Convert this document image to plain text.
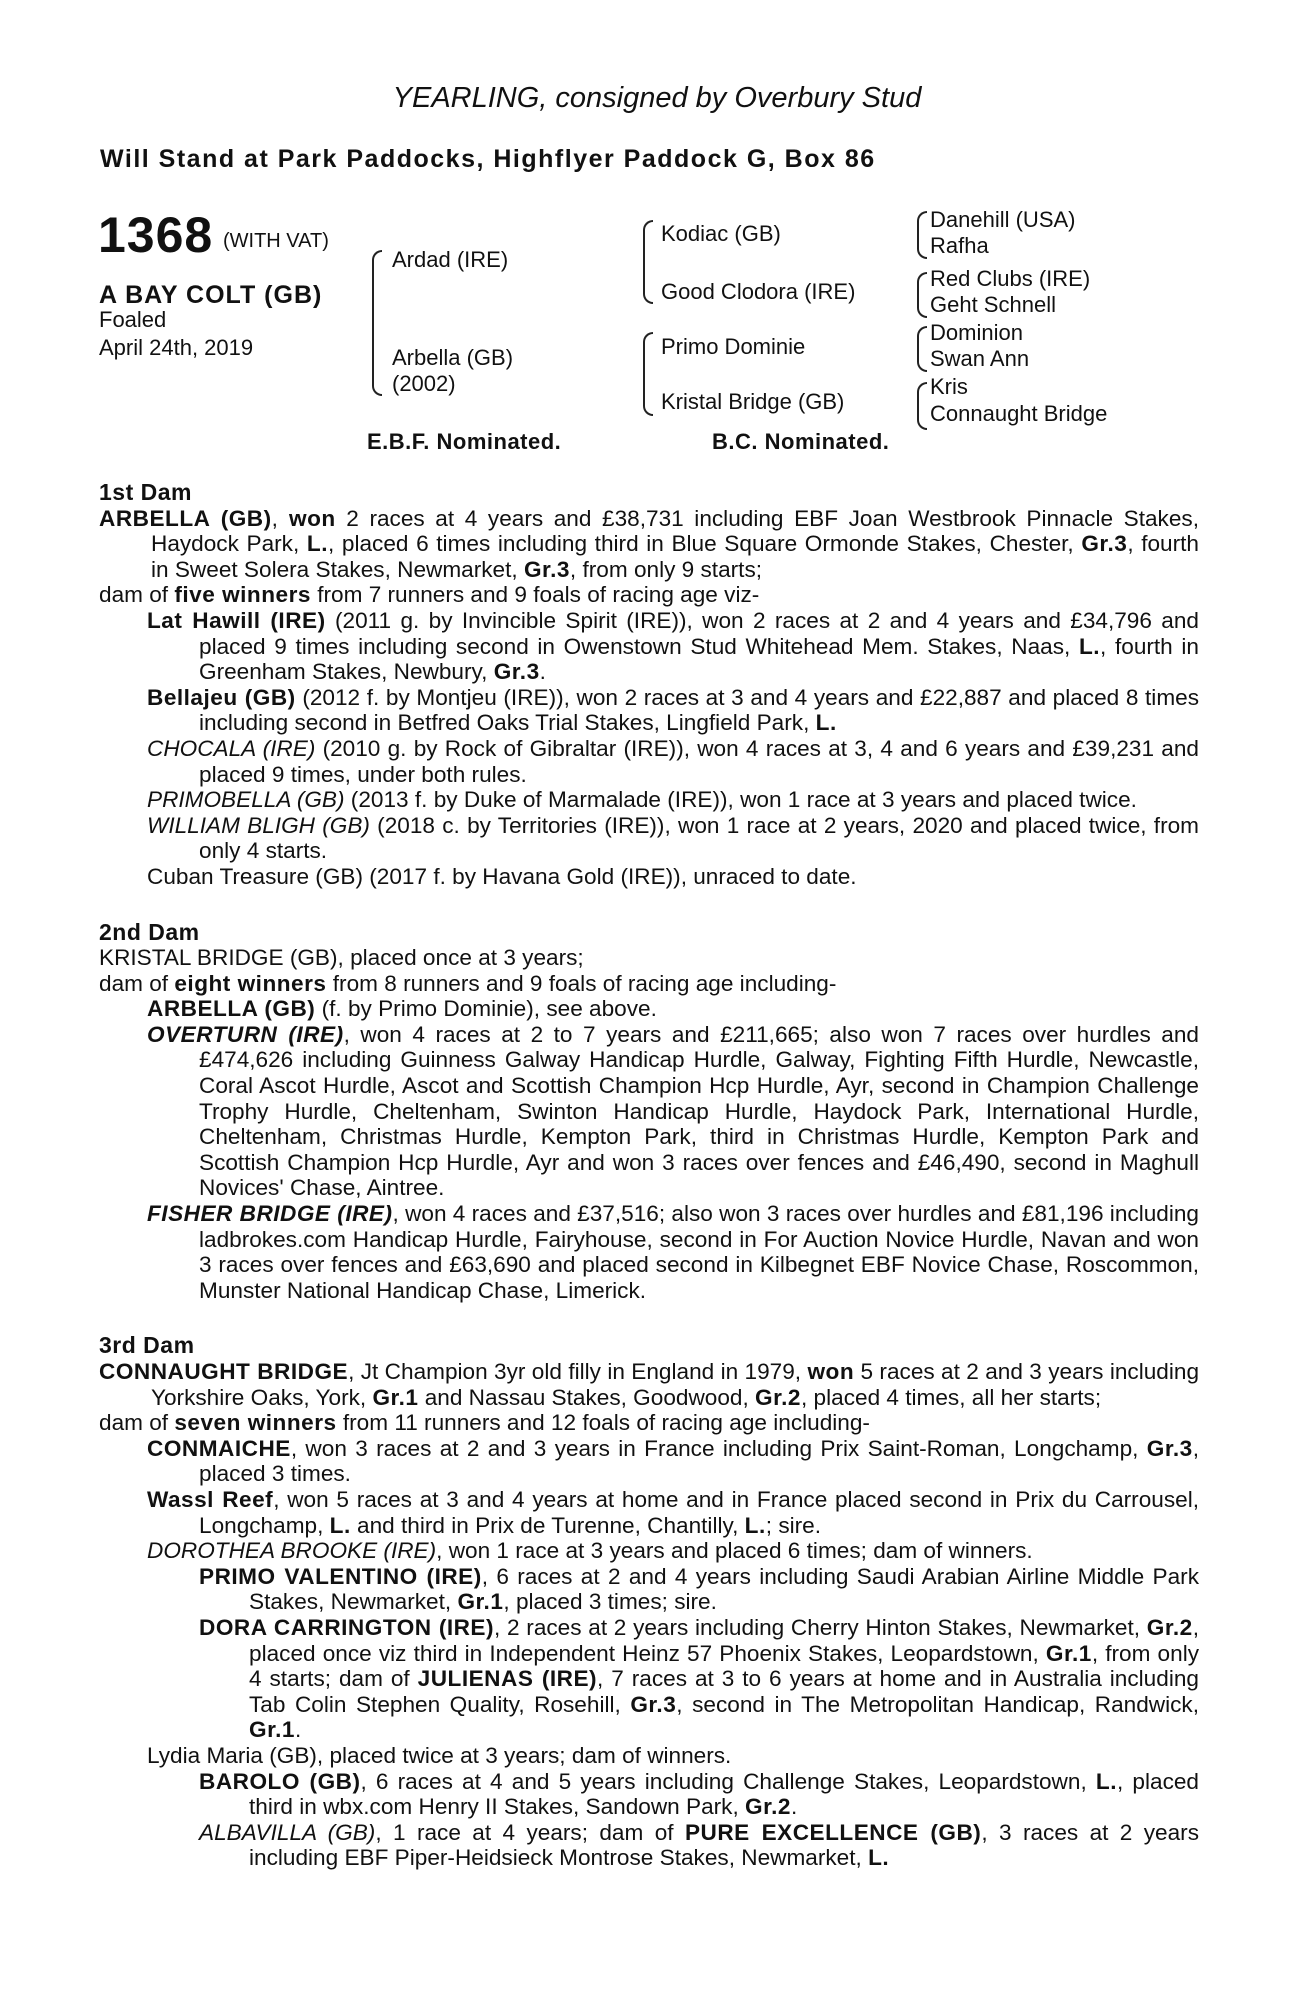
YEARLING, consigned by Overbury Stud
Will Stand at Park Paddocks, Highflyer Paddock G, Box 86
1368 (WITH VAT)
A BAY COLT (GB)
Foaled
April 24th, 2019
Ardad (IRE)
Arbella (GB)
(2002)
Kodiac (GB)
Good Clodora (IRE)
Primo Dominie
Kristal Bridge (GB)
Danehill (USA)
Rafha
Red Clubs (IRE)
Geht Schnell
Dominion
Swan Ann
Kris
Connaught Bridge
E.B.F. Nominated.	B.C. Nominated.
1st Dam
ARBELLA (GB), won 2 races at 4 years and £38,731 including EBF Joan Westbrook Pinnacle Stakes, Haydock Park, L., placed 6 times including third in Blue Square Ormonde Stakes, Chester, Gr.3, fourth in Sweet Solera Stakes, Newmarket, Gr.3, from only 9 starts;
dam of five winners from 7 runners and 9 foals of racing age viz-
Lat Hawill (IRE) (2011 g. by Invincible Spirit (IRE)), won 2 races at 2 and 4 years and £34,796 and placed 9 times including second in Owenstown Stud Whitehead Mem. Stakes, Naas, L., fourth in Greenham Stakes, Newbury, Gr.3.
Bellajeu (GB) (2012 f. by Montjeu (IRE)), won 2 races at 3 and 4 years and £22,887 and placed 8 times including second in Betfred Oaks Trial Stakes, Lingfield Park, L.
CHOCALA (IRE) (2010 g. by Rock of Gibraltar (IRE)), won 4 races at 3, 4 and 6 years and £39,231 and placed 9 times, under both rules.
PRIMOBELLA (GB) (2013 f. by Duke of Marmalade (IRE)), won 1 race at 3 years and placed twice.
WILLIAM BLIGH (GB) (2018 c. by Territories (IRE)), won 1 race at 2 years, 2020 and placed twice, from only 4 starts.
Cuban Treasure (GB) (2017 f. by Havana Gold (IRE)), unraced to date.
2nd Dam
KRISTAL BRIDGE (GB), placed once at 3 years;
dam of eight winners from 8 runners and 9 foals of racing age including-
ARBELLA (GB) (f. by Primo Dominie), see above.
OVERTURN (IRE), won 4 races at 2 to 7 years and £211,665; also won 7 races over hurdles and £474,626 including Guinness Galway Handicap Hurdle, Galway, Fighting Fifth Hurdle, Newcastle, Coral Ascot Hurdle, Ascot and Scottish Champion Hcp Hurdle, Ayr, second in Champion Challenge Trophy Hurdle, Cheltenham, Swinton Handicap Hurdle, Haydock Park, International Hurdle, Cheltenham, Christmas Hurdle, Kempton Park, third in Christmas Hurdle, Kempton Park and Scottish Champion Hcp Hurdle, Ayr and won 3 races over fences and £46,490, second in Maghull Novices' Chase, Aintree.
FISHER BRIDGE (IRE), won 4 races and £37,516; also won 3 races over hurdles and £81,196 including ladbrokes.com Handicap Hurdle, Fairyhouse, second in For Auction Novice Hurdle, Navan and won 3 races over fences and £63,690 and placed second in Kilbegnet EBF Novice Chase, Roscommon, Munster National Handicap Chase, Limerick.
3rd Dam
CONNAUGHT BRIDGE, Jt Champion 3yr old filly in England in 1979, won 5 races at 2 and 3 years including Yorkshire Oaks, York, Gr.1 and Nassau Stakes, Goodwood, Gr.2, placed 4 times, all her starts;
dam of seven winners from 11 runners and 12 foals of racing age including-
CONMAICHE, won 3 races at 2 and 3 years in France including Prix Saint-Roman, Longchamp, Gr.3, placed 3 times.
Wassl Reef, won 5 races at 3 and 4 years at home and in France placed second in Prix du Carrousel, Longchamp, L. and third in Prix de Turenne, Chantilly, L.; sire.
DOROTHEA BROOKE (IRE), won 1 race at 3 years and placed 6 times; dam of winners.
PRIMO VALENTINO (IRE), 6 races at 2 and 4 years including Saudi Arabian Airline Middle Park Stakes, Newmarket, Gr.1, placed 3 times; sire.
DORA CARRINGTON (IRE), 2 races at 2 years including Cherry Hinton Stakes, Newmarket, Gr.2, placed once viz third in Independent Heinz 57 Phoenix Stakes, Leopardstown, Gr.1, from only 4 starts; dam of JULIENAS (IRE), 7 races at 3 to 6 years at home and in Australia including Tab Colin Stephen Quality, Rosehill, Gr.3, second in The Metropolitan Handicap, Randwick, Gr.1.
Lydia Maria (GB), placed twice at 3 years; dam of winners.
BAROLO (GB), 6 races at 4 and 5 years including Challenge Stakes, Leopardstown, L., placed third in wbx.com Henry II Stakes, Sandown Park, Gr.2.
ALBAVILLA (GB), 1 race at 4 years; dam of PURE EXCELLENCE (GB), 3 races at 2 years including EBF Piper-Heidsieck Montrose Stakes, Newmarket, L.
